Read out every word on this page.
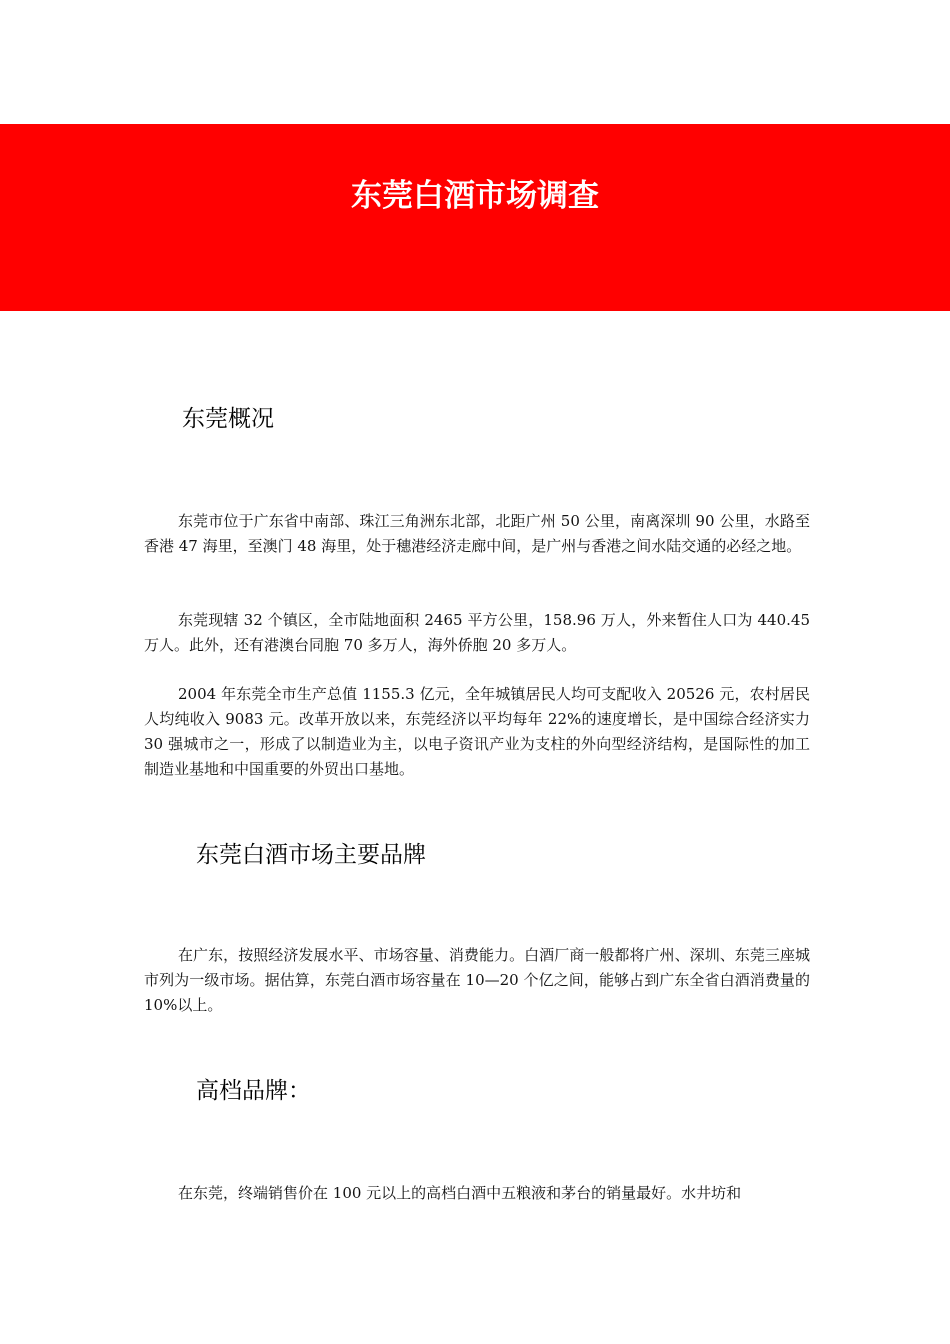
东莞白酒市场调查
东莞概况

东莞市位于广东省中南部、珠江三角洲东北部，北距广州 50 公里，南离深圳 90 公里，水路至香港 47 海里，至澳门 48 海里，处于穗港经济走廊中间，是广州与香港之间水陆交通的必经之地。

东莞现辖 32 个镇区，全市陆地面积 2465 平方公里，158.96 万人，外来暂住人口为 440.45 万人。此外，还有港澳台同胞 70 多万人，海外侨胞 20 多万人。

2004 年东莞全市生产总值 1155.3 亿元，全年城镇居民人均可支配收入 20526 元，农村居民人均纯收入 9083 元。改革开放以来，东莞经济以平均每年 22%的速度增长，是中国综合经济实力 30 强城市之一，形成了以制造业为主，以电子资讯产业为支柱的外向型经济结构，是国际性的加工制造业基地和中国重要的外贸出口基地。

东莞白酒市场主要品牌

在广东，按照经济发展水平、市场容量、消费能力。白酒厂商一般都将广州、深圳、东莞三座城市列为一级市场。据估算，东莞白酒市场容量在 10—20 个亿之间，能够占到广东全省白酒消费量的 10%以上。

高档品牌：

在东莞，终端销售价在 100 元以上的高档白酒中五粮液和茅台的销量最好。水井坊和
